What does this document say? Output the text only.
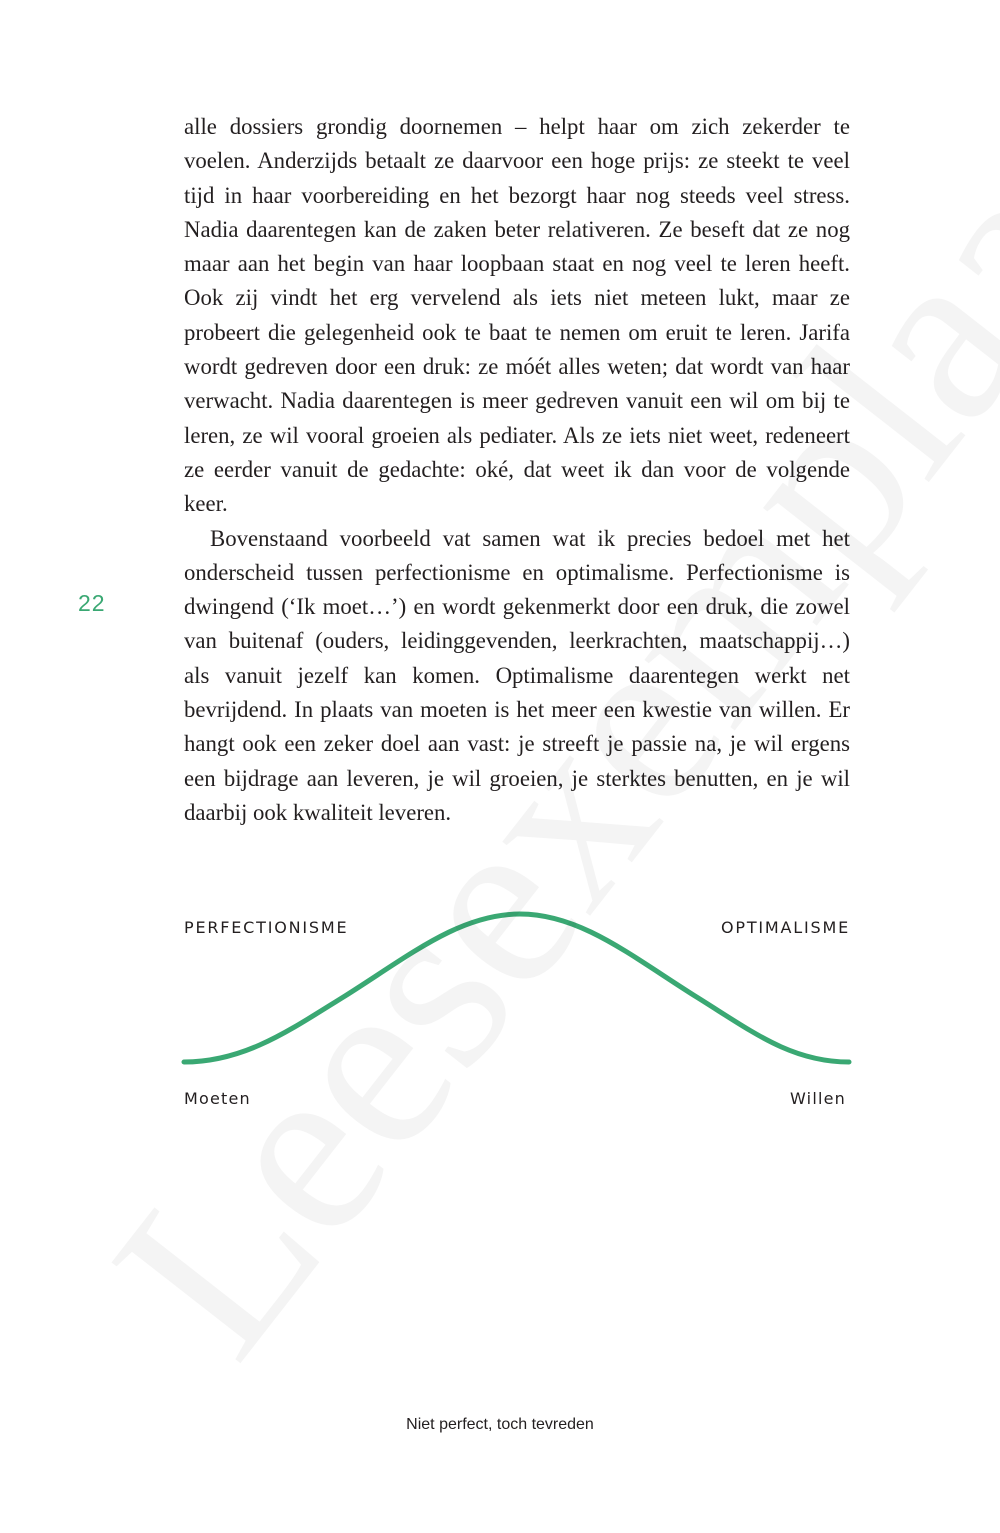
alle dossiers grondig doornemen – helpt haar om zich zekerder te voelen. Anderzijds betaalt ze daarvoor een hoge prijs: ze steekt te veel tijd in haar voorbereiding en het bezorgt haar nog steeds veel stress. Nadia daarentegen kan de zaken beter relativeren. Ze beseft dat ze nog maar aan het begin van haar loopbaan staat en nog veel te leren heeft. Ook zij vindt het erg vervelend als iets niet meteen lukt, maar ze probeert die gelegenheid ook te baat te nemen om eruit te leren. Jarifa wordt gedreven door een druk: ze móét alles weten; dat wordt van haar verwacht. Nadia daarentegen is meer gedreven vanuit een wil om bij te leren, ze wil vooral groeien als pediater. Als ze iets niet weet, redeneert ze eerder vanuit de gedachte: oké, dat weet ik dan voor de volgende keer.

Bovenstaand voorbeeld vat samen wat ik precies bedoel met het onderscheid tussen perfectionisme en optimalisme. Perfectionisme is dwingend (‘Ik moet…’) en wordt gekenmerkt door een druk, die zowel van buitenaf (ouders, leidinggevenden, leerkrachten, maatschappij…) als vanuit jezelf kan komen. Optimalisme daarentegen werkt net bevrijdend. In plaats van moeten is het meer een kwestie van willen. Er hangt ook een zeker doel aan vast: je streeft je passie na, je wil ergens een bijdrage aan leveren, je wil groeien, je sterktes benutten, en je wil daarbij ook kwaliteit leveren.

22
PERFECTIONISME	OPTIMALISME
Moeten	Willen
Niet perfect, toch tevreden
